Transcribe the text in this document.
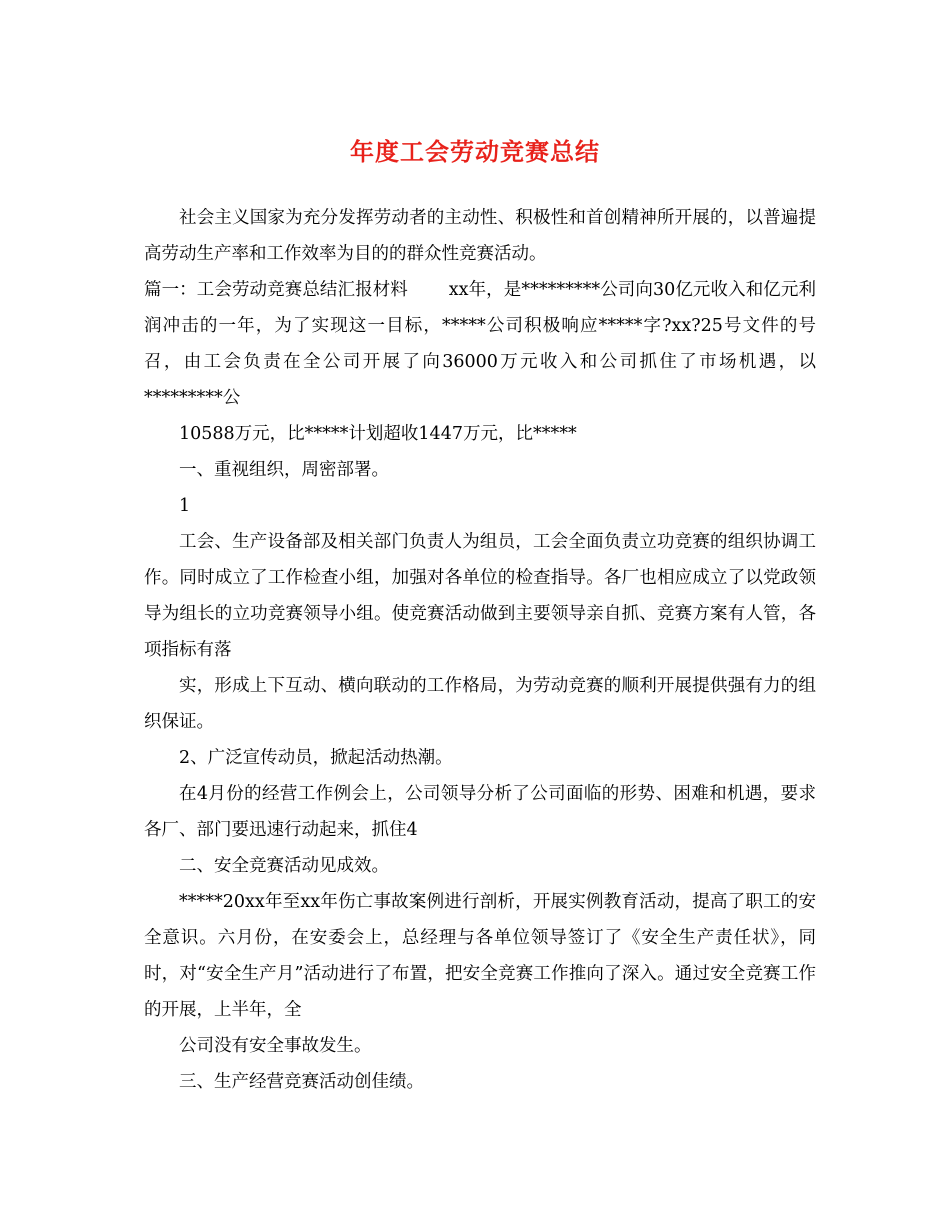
年度工会劳动竞赛总结

社会主义国家为充分发挥劳动者的主动性、积极性和首创精神所开展的，以普遍提高劳动生产率和工作效率为目的的群众性竞赛活动。

篇一：工会劳动竞赛总结汇报材料　　 xx年，是*********公司向30亿元收入和亿元利润冲击的一年，为了实现这一目标，*****公司积极响应*****字?xx?25号文件的号召，由工会负责在全公司开展了向36000万元收入和公司抓住了市场机遇，以*********公

10588万元，比*****计划超收1447万元，比*****

一、重视组织，周密部署。

1

工会、生产设备部及相关部门负责人为组员，工会全面负责立功竞赛的组织协调工作。同时成立了工作检查小组，加强对各单位的检查指导。各厂也相应成立了以党政领导为组长的立功竞赛领导小组。使竞赛活动做到主要领导亲自抓、竞赛方案有人管，各项指标有落

实，形成上下互动、横向联动的工作格局，为劳动竞赛的顺利开展提供强有力的组织保证。

2、广泛宣传动员，掀起活动热潮。

在4月份的经营工作例会上，公司领导分析了公司面临的形势、困难和机遇，要求各厂、部门要迅速行动起来，抓住4

二、安全竞赛活动见成效。

*****20xx年至xx年伤亡事故案例进行剖析，开展实例教育活动，提高了职工的安全意识。六月份，在安委会上，总经理与各单位领导签订了《安全生产责任状》，同时，对“安全生产月”活动进行了布置，把安全竞赛工作推向了深入。通过安全竞赛工作的开展，上半年，全

公司没有安全事故发生。

三、生产经营竞赛活动创佳绩。
